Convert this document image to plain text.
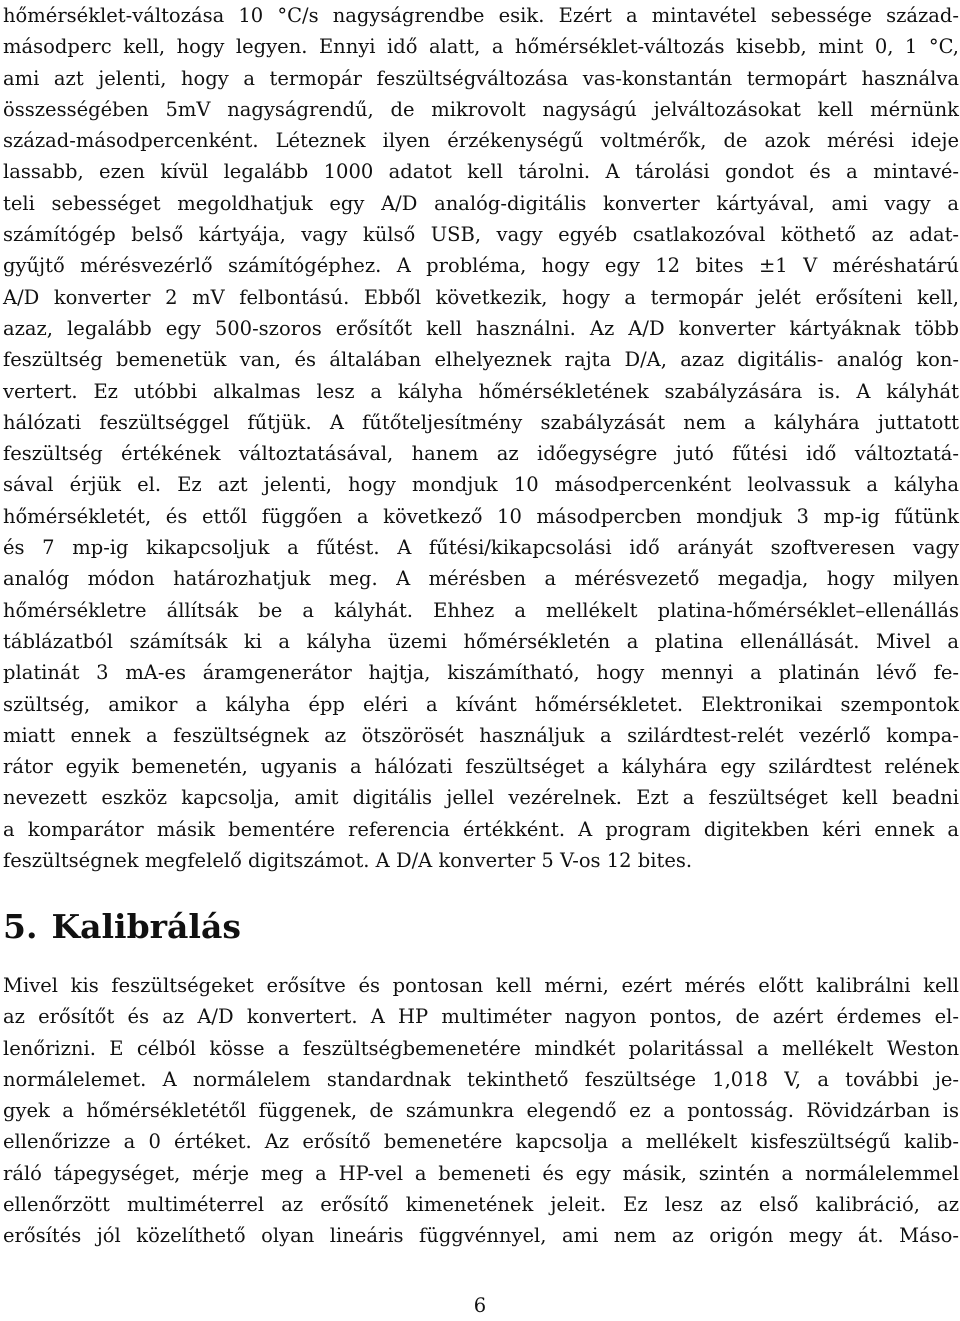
hőmérséklet-változása 10 °C/s nagyságrendbe esik. Ezért a mintavétel sebessége század-
másodperc kell, hogy legyen. Ennyi idő alatt, a hőmérséklet-változás kisebb, mint 0, 1 °C,
ami azt jelenti, hogy a termopár feszültségváltozása vas-konstantán termopárt használva
összességében 5mV nagyságrendű, de mikrovolt nagyságú jelváltozásokat kell mérnünk
század-másodpercenként. Léteznek ilyen érzékenységű voltmérők, de azok mérési ideje
lassabb, ezen kívül legalább 1000 adatot kell tárolni. A tárolási gondot és a mintavé-
teli sebességet megoldhatjuk egy A/D analóg-digitális konverter kártyával, ami vagy a
számítógép belső kártyája, vagy külső USB, vagy egyéb csatlakozóval köthető az adat-
gyűjtő mérésvezérlő számítógéphez. A probléma, hogy egy 12 bites ±1 V méréshatárú
A/D konverter 2 mV felbontású. Ebből következik, hogy a termopár jelét erősíteni kell,
azaz, legalább egy 500-szoros erősítőt kell használni. Az A/D konverter kártyáknak több
feszültség bemenetük van, és általában elhelyeznek rajta D/A, azaz digitális- analóg kon-
vertert. Ez utóbbi alkalmas lesz a kályha hőmérsékletének szabályzására is. A kályhát
hálózati feszültséggel fűtjük. A fűtőteljesítmény szabályzását nem a kályhára juttatott
feszültség értékének változtatásával, hanem az időegységre jutó fűtési idő változtatá-
sával érjük el. Ez azt jelenti, hogy mondjuk 10 másodpercenként leolvassuk a kályha
hőmérsékletét, és ettől függően a következő 10 másodpercben mondjuk 3 mp-ig fűtünk
és 7 mp-ig kikapcsoljuk a fűtést. A fűtési/kikapcsolási idő arányát szoftveresen vagy
analóg módon határozhatjuk meg. A mérésben a mérésvezető megadja, hogy milyen
hőmérsékletre állítsák be a kályhát. Ehhez a mellékelt platina-hőmérséklet–ellenállás
táblázatból számítsák ki a kályha üzemi hőmérsékletén a platina ellenállását. Mivel a
platinát 3 mA-es áramgenerátor hajtja, kiszámítható, hogy mennyi a platinán lévő fe-
szültség, amikor a kályha épp eléri a kívánt hőmérsékletet. Elektronikai szempontok
miatt ennek a feszültségnek az ötszörösét használjuk a szilárdtest-relét vezérlő kompa-
rátor egyik bemenetén, ugyanis a hálózati feszültséget a kályhára egy szilárdtest relének
nevezett eszköz kapcsolja, amit digitális jellel vezérelnek. Ezt a feszültséget kell beadni
a komparátor másik bementére referencia értékként. A program digitekben kéri ennek a
feszültségnek megfelelő digitszámot. A D/A konverter 5 V-os 12 bites.
5. Kalibrálás
Mivel kis feszültségeket erősítve és pontosan kell mérni, ezért mérés előtt kalibrálni kell
az erősítőt és az A/D konvertert. A HP multiméter nagyon pontos, de azért érdemes el-
lenőrizni. E célból kösse a feszültségbemenetére mindkét polaritással a mellékelt Weston
normálelemet. A normálelem standardnak tekinthető feszültsége 1,018 V, a további je-
gyek a hőmérsékletétől függenek, de számunkra elegendő ez a pontosság. Rövidzárban is
ellenőrizze a 0 értéket. Az erősítő bemenetére kapcsolja a mellékelt kisfeszültségű kalib-
ráló tápegységet, mérje meg a HP-vel a bemeneti és egy másik, szintén a normálelemmel
ellenőrzött multiméterrel az erősítő kimenetének jeleit. Ez lesz az első kalibráció, az
erősítés jól közelíthető olyan lineáris függvénnyel, ami nem az origón megy át. Máso-
6
